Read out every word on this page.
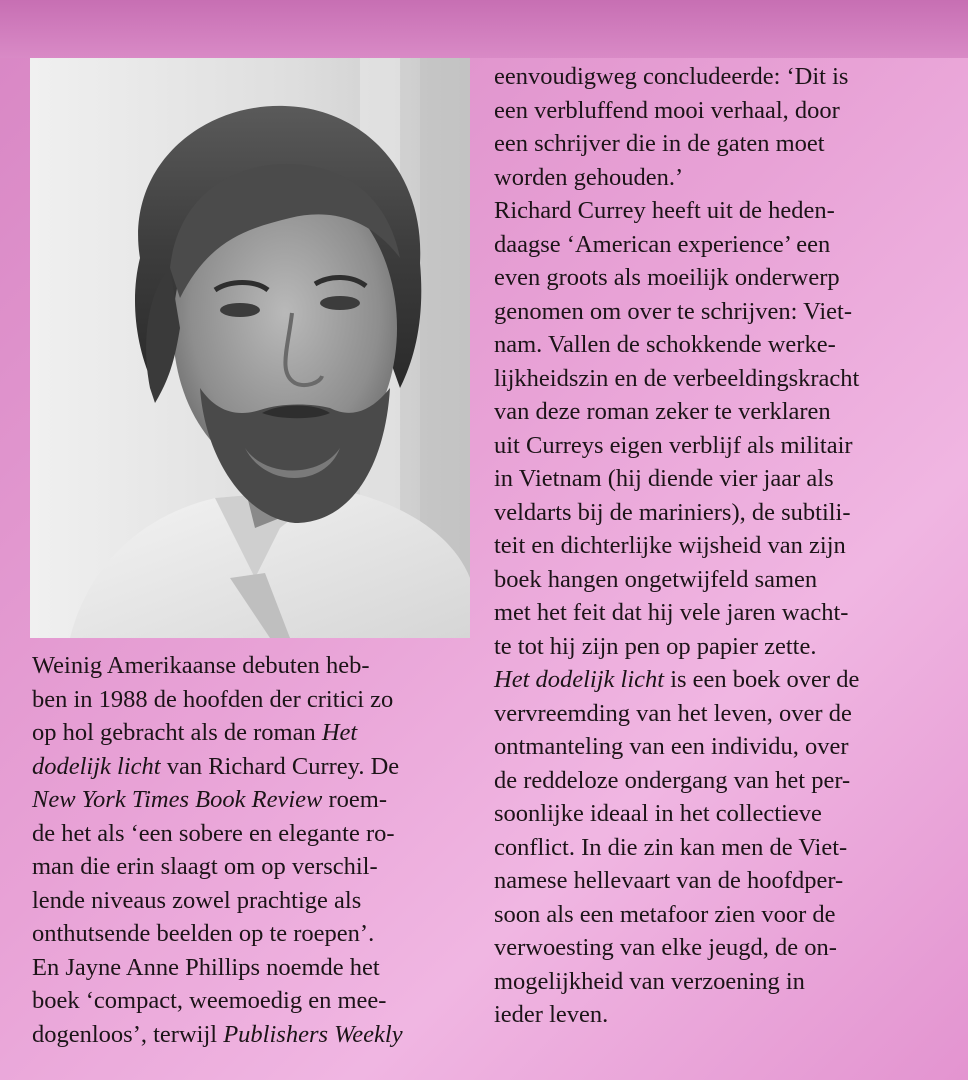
Weinig Amerikaanse debuten heb-
ben in 1988 de hoofden der critici zo
op hol gebracht als de roman Het
dodelijk licht van Richard Currey. De
New York Times Book Review roem-
de het als ‘een sobere en elegante ro-
man die erin slaagt om op verschil-
lende niveaus zowel prachtige als
onthutsende beelden op te roepen’.
En Jayne Anne Phillips noemde het
boek ‘compact, weemoedig en mee-
dogenloos’, terwijl Publishers Weekly
eenvoudigweg concludeerde: ‘Dit is
een verbluffend mooi verhaal, door
een schrijver die in de gaten moet
worden gehouden.’
Richard Currey heeft uit de heden-
daagse ‘American experience’ een
even groots als moeilijk onderwerp
genomen om over te schrijven: Viet-
nam. Vallen de schokkende werke-
lijkheidszin en de verbeeldingskracht
van deze roman zeker te verklaren
uit Curreys eigen verblijf als militair
in Vietnam (hij diende vier jaar als
veldarts bij de mariniers), de subtili-
teit en dichterlijke wijsheid van zijn
boek hangen ongetwijfeld samen
met het feit dat hij vele jaren wacht-
te tot hij zijn pen op papier zette.
Het dodelijk licht is een boek over de
vervreemding van het leven, over de
ontmanteling van een individu, over
de reddeloze ondergang van het per-
soonlijke ideaal in het collectieve
conflict. In die zin kan men de Viet-
namese hellevaart van de hoofdper-
soon als een metafoor zien voor de
verwoesting van elke jeugd, de on-
mogelijkheid van verzoening in
ieder leven.
